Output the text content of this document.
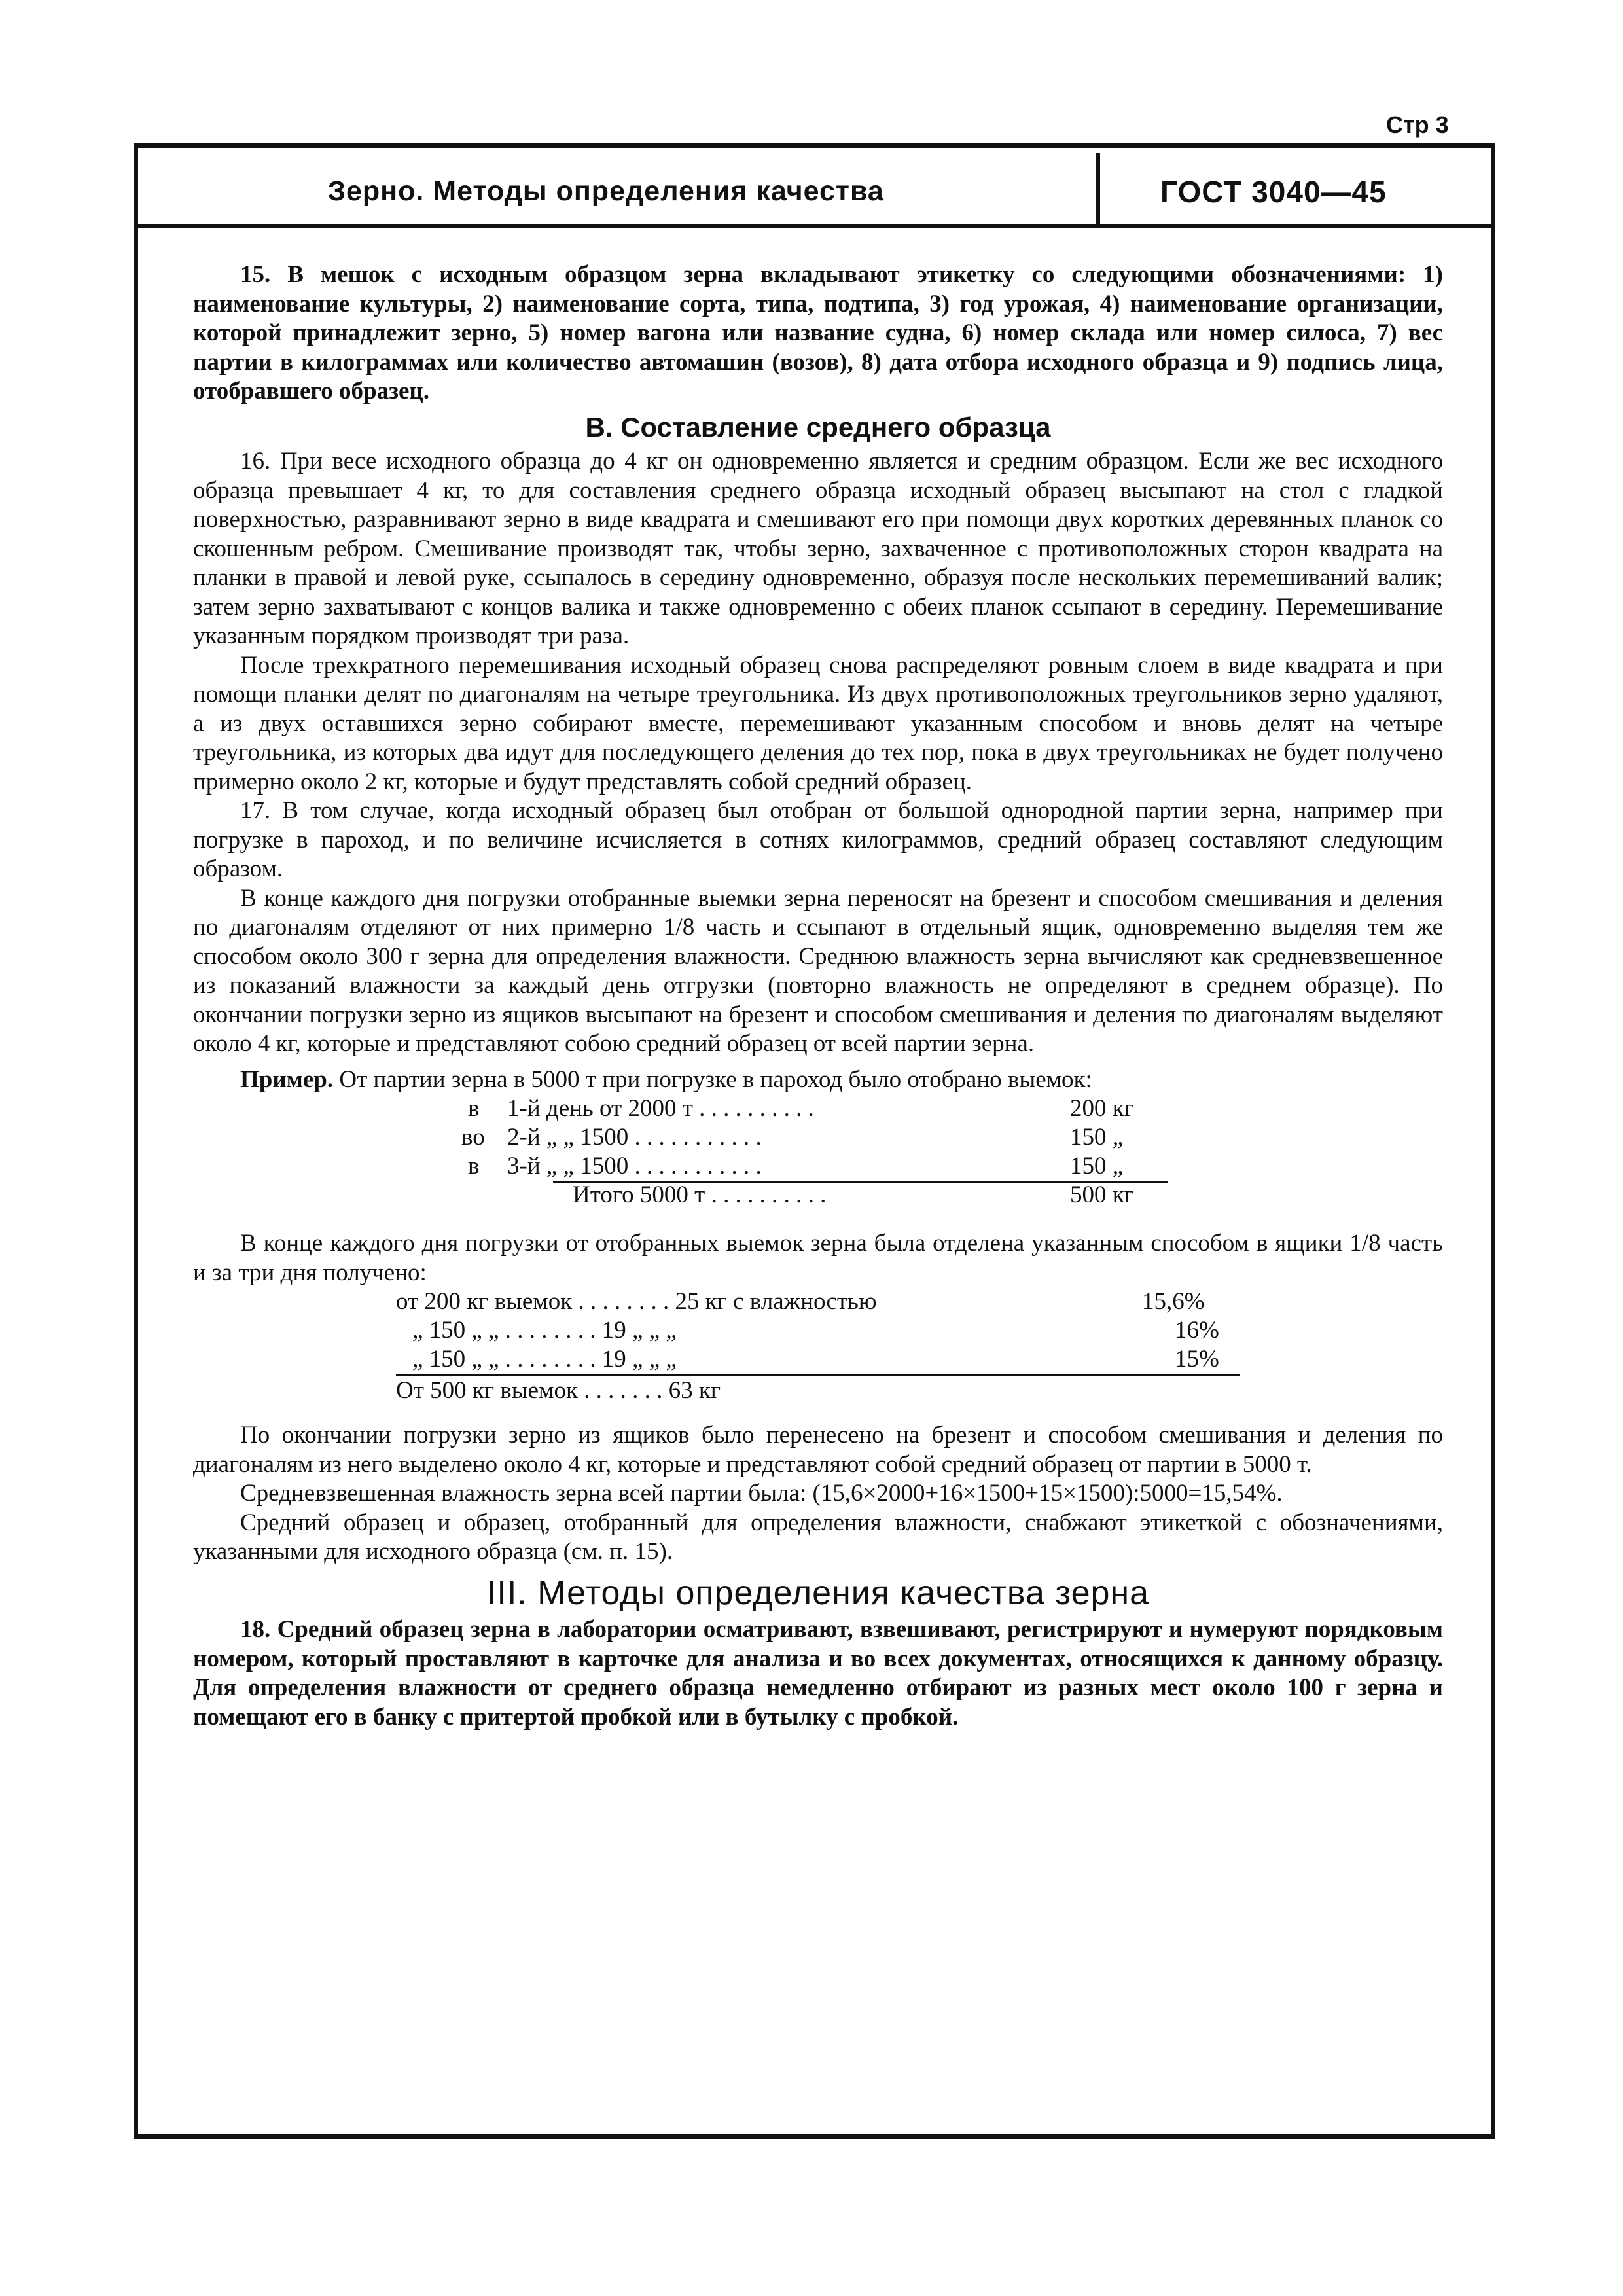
Стр 3
Зерно. Методы определения качества	ГОСТ 3040—45

15. В мешок с исходным образцом зерна вкладывают этикетку со следующими обозначениями: 1) наименование культуры, 2) наименование сорта, типа, подтипа, 3) год урожая, 4) наименование организации, которой принадлежит зерно, 5) номер вагона или название судна, 6) номер склада или номер силоса, 7) вес партии в килограммах или количество автомашин (возов), 8) дата отбора исходного образца и 9) подпись лица, отобравшего образец.

В. Составление среднего образца

16. При весе исходного образца до 4 кг он одновременно является и средним образцом. Если же вес исходного образца превышает 4 кг, то для составления среднего образца исходный образец высыпают на стол с гладкой поверхностью, разравнивают зерно в виде квадрата и смешивают его при помощи двух коротких деревянных планок со скошенным ребром. Смешивание производят так, чтобы зерно, захваченное с противоположных сторон квадрата на планки в правой и левой руке, ссыпалось в середину одновременно, образуя после нескольких перемешиваний валик; затем зерно захватывают с концов валика и также одновременно с обеих планок ссыпают в середину. Перемешивание указанным порядком производят три раза.

После трехкратного перемешивания исходный образец снова распределяют ровным слоем в виде квадрата и при помощи планки делят по диагоналям на четыре треугольника. Из двух противоположных треугольников зерно удаляют, а из двух оставшихся зерно собирают вместе, перемешивают указанным способом и вновь делят на четыре треугольника, из которых два идут для последующего деления до тех пор, пока в двух треугольниках не будет получено примерно около 2 кг, которые и будут представлять собой средний образец.

17. В том случае, когда исходный образец был отобран от большой однородной партии зерна, например при погрузке в пароход, и по величине исчисляется в сотнях килограммов, средний образец составляют следующим образом.

В конце каждого дня погрузки отобранные выемки зерна переносят на брезент и способом смешивания и деления по диагоналям отделяют от них примерно 1/8 часть и ссыпают в отдельный ящик, одновременно выделяя тем же способом около 300 г зерна для определения влажности. Среднюю влажность зерна вычисляют как средневзвешенное из показаний влажности за каждый день отгрузки (повторно влажность не определяют в среднем образце). По окончании погрузки зерно из ящиков высыпают на брезент и способом смешивания и деления по диагоналям выделяют около 4 кг, которые и представляют собою средний образец от всей партии зерна.

Пример. От партии зерна в 5000 т при погрузке в пароход было отобрано выемок:

в 1-й день от 2000 т . . . . . . . . . .	200 кг
во 2-й „ „ 1500 . . . . . . . . . . .	150 „
в 3-й „ „ 1500 . . . . . . . . . . .	150 „
Итого 5000 т . . . . . . . . . .	500 кг

В конце каждого дня погрузки от отобранных выемок зерна была отделена указанным способом в ящики 1/8 часть и за три дня получено:

от 200 кг выемок . . . . . . . . 25 кг с влажностью	15,6%
„ 150 „ „ . . . . . . . . 19 „ „ „	16%
„ 150 „ „ . . . . . . . . 19 „ „ „	15%
От 500 кг выемок . . . . . . . 63 кг

По окончании погрузки зерно из ящиков было перенесено на брезент и способом смешивания и деления по диагоналям из него выделено около 4 кг, которые и представляют собой средний образец от партии в 5000 т.

Средневзвешенная влажность зерна всей партии была: (15,6×2000+16×1500+15×1500):5000=15,54%.

Средний образец и образец, отобранный для определения влажности, снабжают этикеткой с обозначениями, указанными для исходного образца (см. п. 15).

III. Методы определения качества зерна

18. Средний образец зерна в лаборатории осматривают, взвешивают, регистрируют и нумеруют порядковым номером, который проставляют в карточке для анализа и во всех документах, относящихся к данному образцу. Для определения влажности от среднего образца немедленно отбирают из разных мест около 100 г зерна и помещают его в банку с притертой пробкой или в бутылку с пробкой.
